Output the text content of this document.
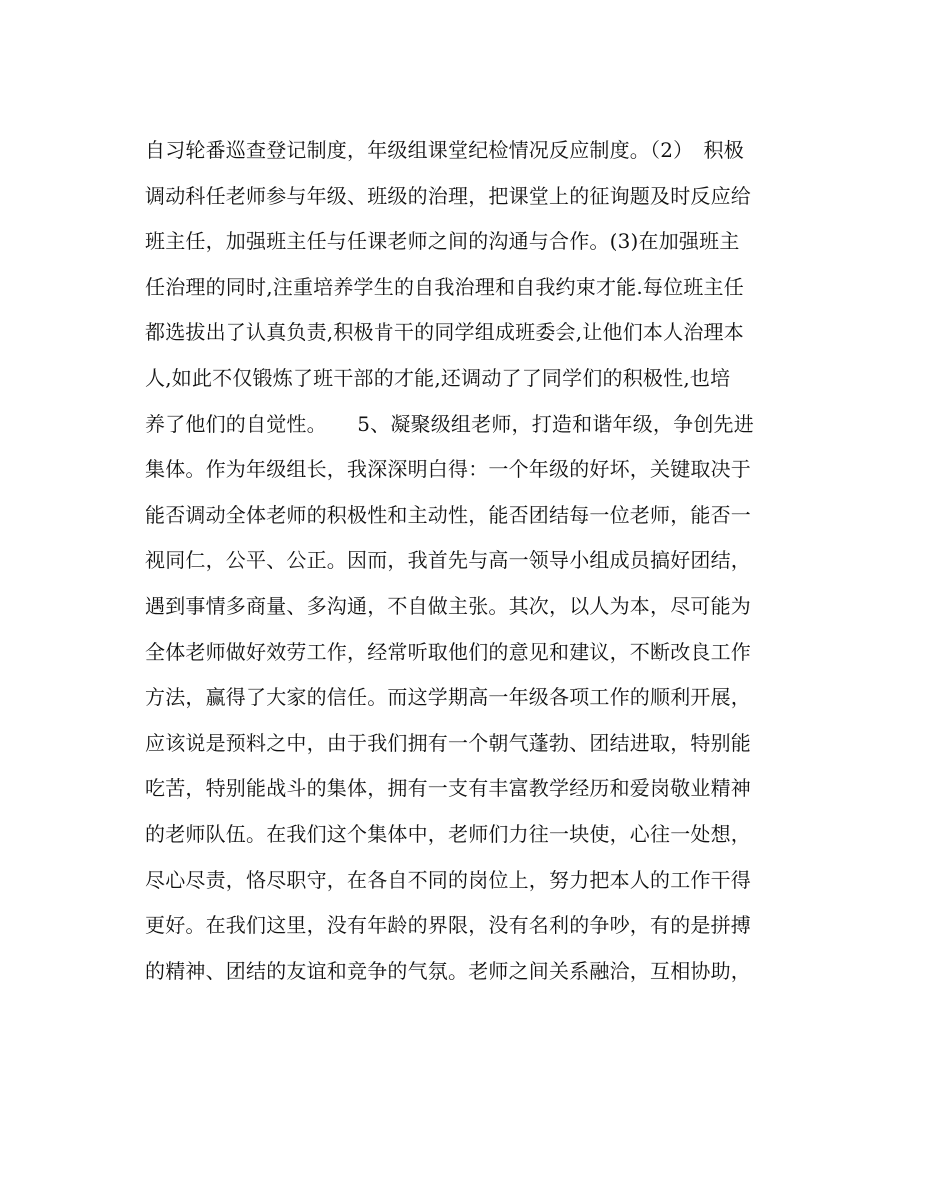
自习轮番巡查登记制度，年级组课堂纪检情况反应制度。（2）　积极
调动科任老师参与年级、班级的治理，把课堂上的征询题及时反应给
班主任，加强班主任与任课老师之间的沟通与合作。(3)在加强班主
任治理的同时,注重培养学生的自我治理和自我约束才能.每位班主任
都选拔出了认真负责,积极肯干的同学组成班委会,让他们本人治理本
人,如此不仅锻炼了班干部的才能,还调动了了同学们的积极性,也培
养了他们的自觉性。　　5、凝聚级组老师，打造和谐年级，争创先进
集体。作为年级组长，我深深明白得：一个年级的好坏，关键取决于
能否调动全体老师的积极性和主动性，能否团结每一位老师，能否一
视同仁，公平、公正。因而，我首先与高一领导小组成员搞好团结，
遇到事情多商量、多沟通，不自做主张。其次，以人为本，尽可能为
全体老师做好效劳工作，经常听取他们的意见和建议，不断改良工作
方法，赢得了大家的信任。而这学期高一年级各项工作的顺利开展，
应该说是预料之中，由于我们拥有一个朝气蓬勃、团结进取，特别能
吃苦，特别能战斗的集体，拥有一支有丰富教学经历和爱岗敬业精神
的老师队伍。在我们这个集体中，老师们力往一块使，心往一处想，
尽心尽责，恪尽职守，在各自不同的岗位上，努力把本人的工作干得
更好。在我们这里，没有年龄的界限，没有名利的争吵，有的是拼搏
的精神、团结的友谊和竞争的气氛。老师之间关系融洽，互相协助，
